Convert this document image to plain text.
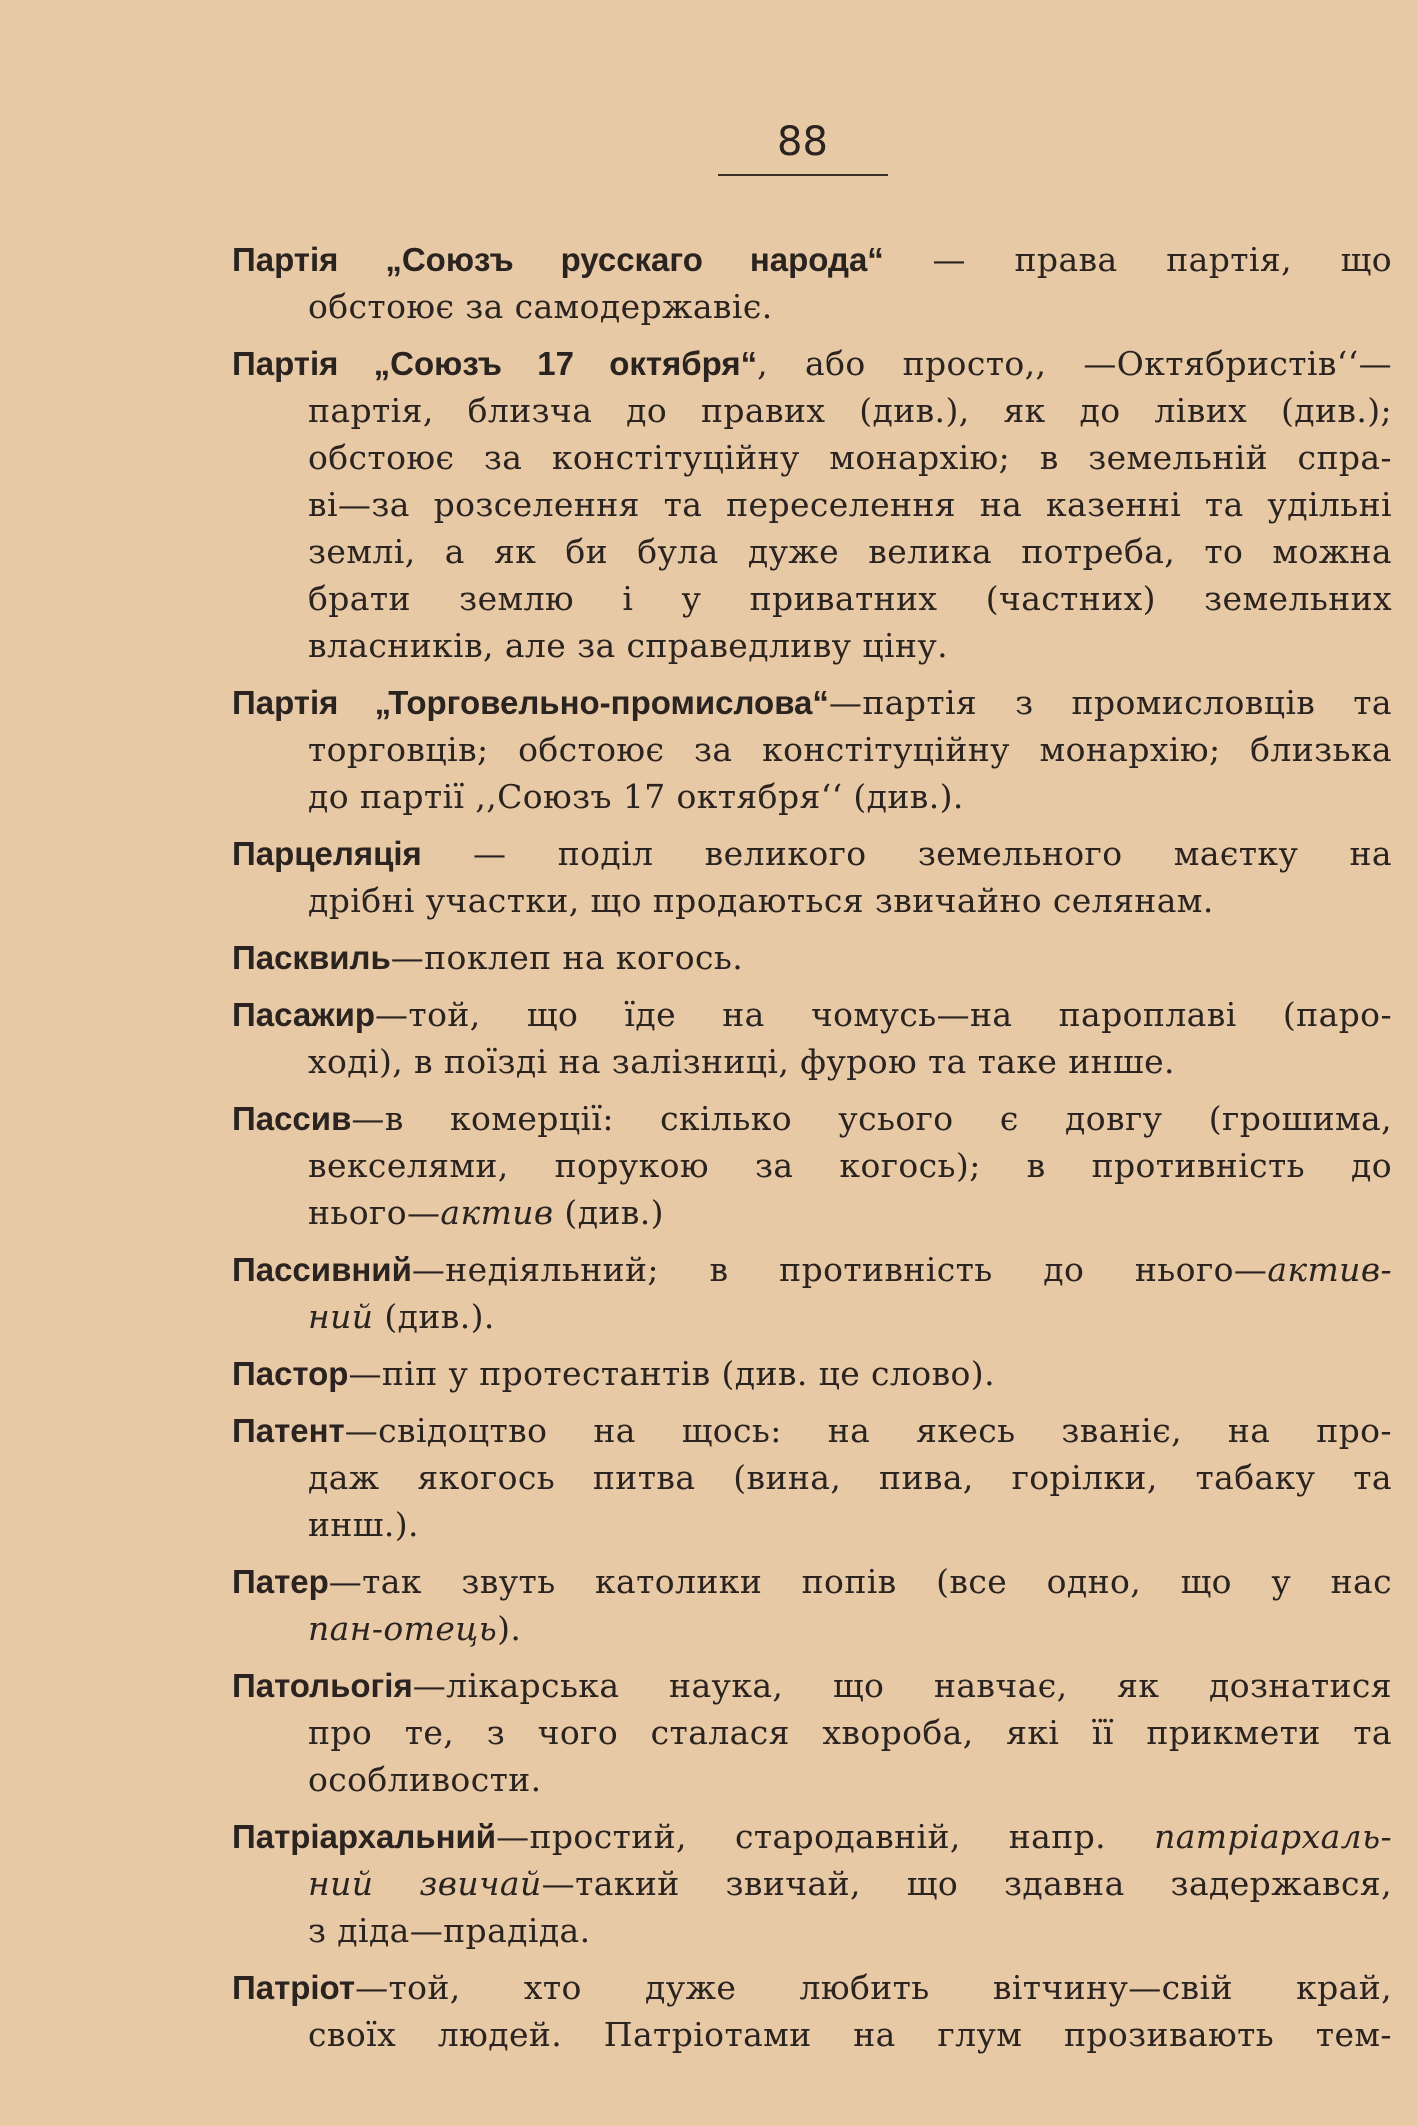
88
Партія „Союзъ русскаго народа“ — права партія, що
обстоює за самодержавіє.
Партія „Союзъ 17 октября“, або просто,, —Октябристів‘‘—
партія, близча до правих (див.), як до лівих (див.);
обстоює за констітуційну монархію; в земельній спра-
ві—за розселення та переселення на казенні та удільні
землі, а як би була дуже велика потреба, то можна
брати землю і у приватних (частних) земельних
власників, але за справедливу ціну.
Партія „Торговельно-промислова“—партія з промисловців та
торговців; обстоює за констітуційну монархію; близька
до партії ,,Союзъ 17 октября‘‘ (див.).
Парцеляція — поділ великого земельного маєтку на
дрібні участки, що продаються звичайно селянам.
Пасквиль—поклеп на когось.
Пасажир—той, що їде на чомусь—на пароплаві (паро-
ході), в поїзді на залізниці, фурою та таке инше.
Пассив—в комерції: скілько усього є довгу (грошима,
векселями, порукою за когось); в противність до
нього—актив (див.)
Пассивний—недіяльний; в противність до нього—актив-
ний (див.).
Пастор—піп у протестантів (див. це слово).
Патент—свідоцтво на щось: на якесь званіє, на про-
даж якогось питва (вина, пива, горілки, табаку та
инш.).
Патер—так звуть католики попів (все одно, що у нас
пан-отець).
Патольогія—лікарська наука, що навчає, як дознатися
про те, з чого сталася хвороба, які її прикмети та
особливости.
Патріархальний—простий, стародавній, напр. патріархаль-
ний звичай—такий звичай, що здавна задержався,
з діда—прадіда.
Патріот—той, хто дуже любить вітчину—свій край,
своїх людей. Патріотами на глум прозивають тем-
